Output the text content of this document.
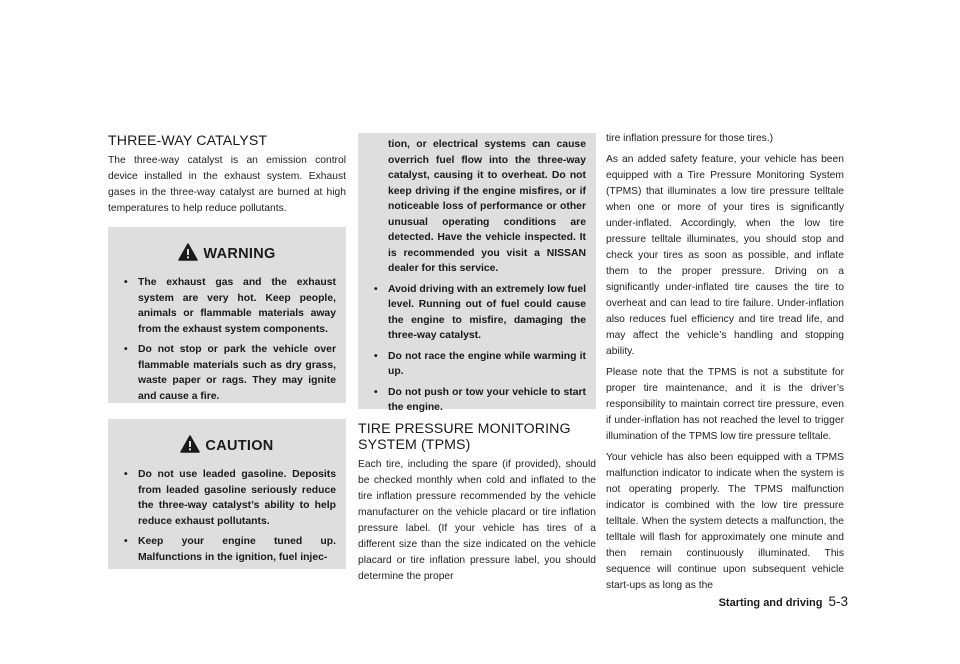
THREE-WAY CATALYST

The three-way catalyst is an emission control device installed in the exhaust system. Exhaust gases in the three-way catalyst are burned at high temperatures to help reduce pollutants.

WARNING
• The exhaust gas and the exhaust system are very hot. Keep people, animals or flammable materials away from the exhaust system components.
• Do not stop or park the vehicle over flammable materials such as dry grass, waste paper or rags. They may ignite and cause a fire.
CAUTION
• Do not use leaded gasoline. Deposits from leaded gasoline seriously reduce the three-way catalyst’s ability to help reduce exhaust pollutants.
• Keep your engine tuned up. Malfunctions in the ignition, fuel injec-
tion, or electrical systems can cause overrich fuel flow into the three-way catalyst, causing it to overheat. Do not keep driving if the engine misfires, or if noticeable loss of performance or other unusual operating conditions are detected. Have the vehicle inspected. It is recommended you visit a NISSAN dealer for this service.
• Avoid driving with an extremely low fuel level. Running out of fuel could cause the engine to misfire, damaging the three-way catalyst.
• Do not race the engine while warming it up.
• Do not push or tow your vehicle to start the engine.
TIRE PRESSURE MONITORING SYSTEM (TPMS)

Each tire, including the spare (if provided), should be checked monthly when cold and inflated to the tire inflation pressure recommended by the vehicle manufacturer on the vehicle placard or tire inflation pressure label. (If your vehicle has tires of a different size than the size indicated on the vehicle placard or tire inflation pressure label, you should determine the proper

tire inflation pressure for those tires.)

As an added safety feature, your vehicle has been equipped with a Tire Pressure Monitoring System (TPMS) that illuminates a low tire pressure telltale when one or more of your tires is significantly under-inflated. Accordingly, when the low tire pressure telltale illuminates, you should stop and check your tires as soon as possible, and inflate them to the proper pressure. Driving on a significantly under-inflated tire causes the tire to overheat and can lead to tire failure. Under-inflation also reduces fuel efficiency and tire tread life, and may affect the vehicle’s handling and stopping ability.

Please note that the TPMS is not a substitute for proper tire maintenance, and it is the driver’s responsibility to maintain correct tire pressure, even if under-inflation has not reached the level to trigger illumination of the TPMS low tire pressure telltale.

Your vehicle has also been equipped with a TPMS malfunction indicator to indicate when the system is not operating properly. The TPMS malfunction indicator is combined with the low tire pressure telltale. When the system detects a malfunction, the telltale will flash for approximately one minute and then remain continuously illuminated. This sequence will continue upon subsequent vehicle start-ups as long as the

Starting and driving 5-3
